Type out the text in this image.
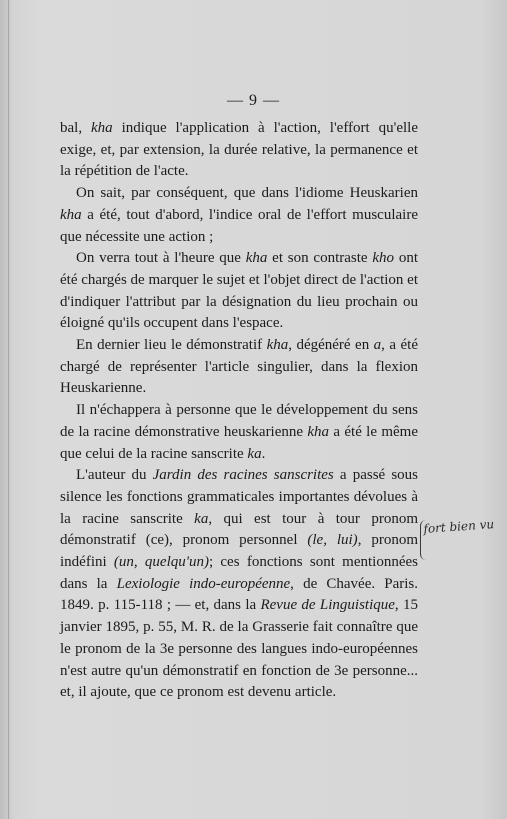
— 9 —

bal, kha indique l'application à l'action, l'effort qu'elle exige, et, par extension, la durée relative, la permanence et la répétition de l'acte.

On sait, par conséquent, que dans l'idiome Heuskarien kha a été, tout d'abord, l'indice oral de l'effort musculaire que nécessite une action ;

On verra tout à l'heure que kha et son contraste kho ont été chargés de marquer le sujet et l'objet direct de l'action et d'indiquer l'attribut par la désignation du lieu prochain ou éloigné qu'ils occupent dans l'espace.

En dernier lieu le démonstratif kha, dégénéré en a, a été chargé de représenter l'article singulier, dans la flexion Heuskarienne.

Il n'échappera à personne que le développement du sens de la racine démonstrative heuskarienne kha a été le même que celui de la racine sanscrite ka.

L'auteur du Jardin des racines sanscrites a passé sous silence les fonctions grammaticales importantes dévolues à la racine sanscrite ka, qui est tour à tour pronom démonstratif (ce), pronom personnel (le, lui), pronom indéfini (un, quelqu'un); ces fonctions sont mentionnées dans la Lexiologie indo-européenne, de Chavée. Paris. 1849. p. 115-118 ; — et, dans la Revue de Linguistique, 15 janvier 1895, p. 55, M. R. de la Grasserie fait connaître que le pronom de la 3e personne des langues indo-européennes n'est autre qu'un démonstratif en fonction de 3e personne... et, il ajoute, que ce pronom est devenu article.

fort bien vu
